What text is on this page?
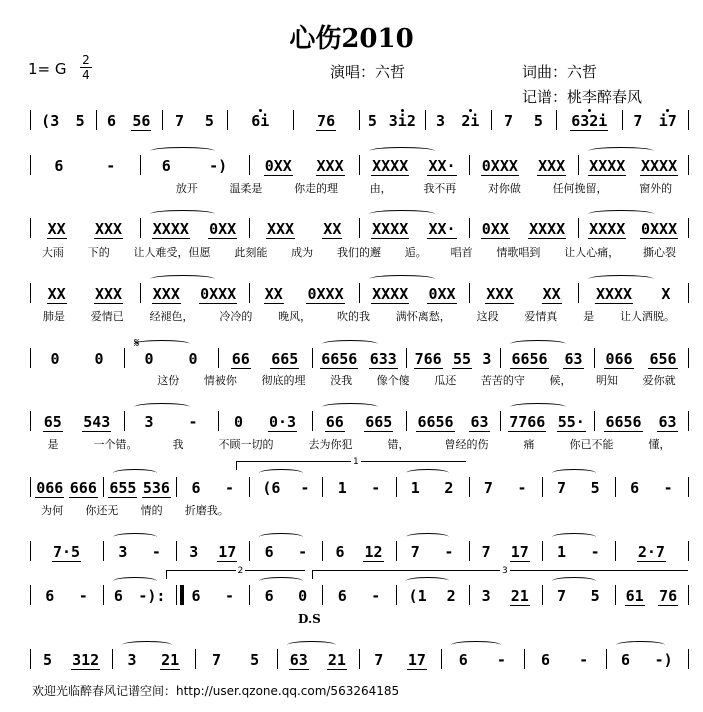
心伤2010
1= G 2
4	演唱：六哲	词曲：六哲
记谱：桃李醉春风
D.S
欢迎光临醉春风记谱空间：http://user.qzone.qq.com/563264185
(3 5 6 56 7 5 6i	76 5 3i2 3 2i 7 5 632i 7 i7
6	-	6	-)	0XX XXX XXXX XX· 0XXX XXX XXXX XXXX
XX XXX XXXX 0XX XXX XX XXXX XX· 0XX XXXX XXXX 0XXX
XX XXX XXX 0XXX XX 0XXX XXXX 0XX XXX XX XXXX X
0 0	0 0 66 665 6656 633 766 55 3 6656 63 066 656
65 543 3 - 0 0·3 66 665 6656 63 7766 55· 6656 63
066 666 655 536 6 - (6 - 1 - 1 2 7 - 7 5 6 -
7·5	3 - 3 17 6 - 6 12 7 - 7 17 1 -	2·7
6 - 6 -): 6 - 6 0 6 - (1 2 3 21 7 5 61 76
5 312 3 21 7 5 63 21 7 17 6 - 6 - 6 -)
放开	温柔是	你走的理	由，	我不再	对你做	任何挽留，	窗外的
大雨 下的 让人难受，但愿 此刻能 成为 我们的邂 逅。 唱首 情歌唱到 让人心痛， 撕心裂
肺是 爱情已 经褪色， 冷冷的 晚风， 吹的我 满怀离愁， 这段 爱情真 是 让人洒脱。
这份 情被你 彻底的埋 没我 像个傻 瓜还 苦苦的守 候， 明知 爱你就
是	一个错。	我	不顾一切的	去为你犯	错，	曾经的伤	痛	你已不能	懂，
为何 你还无 情的 折磨我。
𝄋
1
2	3
